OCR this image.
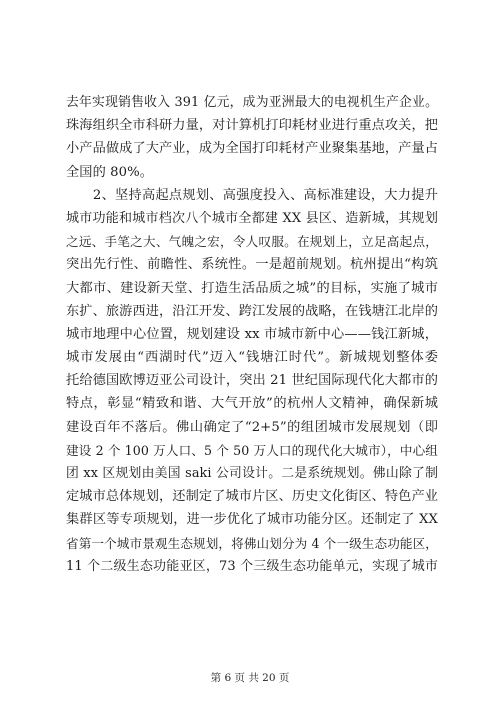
去年实现销售收入 391 亿元，成为亚洲最大的电视机生产企业。
珠海组织全市科研力量，对计算机打印耗材业进行重点攻关，把
小产品做成了大产业，成为全国打印耗材产业聚集基地，产量占
全国的 80%。
　　2、坚持高起点规划、高强度投入、高标准建设，大力提升
城市功能和城市档次八个城市全都建 XX 县区、造新城，其规划
之远、手笔之大、气魄之宏，令人叹服。在规划上，立足高起点，
突出先行性、前瞻性、系统性。一是超前规划。杭州提出“构筑
大都市、建设新天堂、打造生活品质之城”的目标，实施了城市
东扩、旅游西进，沿江开发、跨江发展的战略，在钱塘江北岸的
城市地理中心位置，规划建设 xx 市城市新中心——钱江新城，
城市发展由“西湖时代”迈入“钱塘江时代”。新城规划整体委
托给德国欧博迈亚公司设计，突出 21 世纪国际现代化大都市的
特点，彰显“精致和谐、大气开放”的杭州人文精神，确保新城
建设百年不落后。佛山确定了“2+5”的组团城市发展规划（即
建设 2 个 100 万人口、5 个 50 万人口的现代化大城市），中心组
团 xx 区规划由美国 saki 公司设计。二是系统规划。佛山除了制
定城市总体规划，还制定了城市片区、历史文化街区、特色产业
集群区等专项规划，进一步优化了城市功能分区。还制定了 XX
省第一个城市景观生态规划，将佛山划分为 4 个一级生态功能区，
11 个二级生态功能亚区，73 个三级生态功能单元，实现了城市
第 6 页 共 20 页
